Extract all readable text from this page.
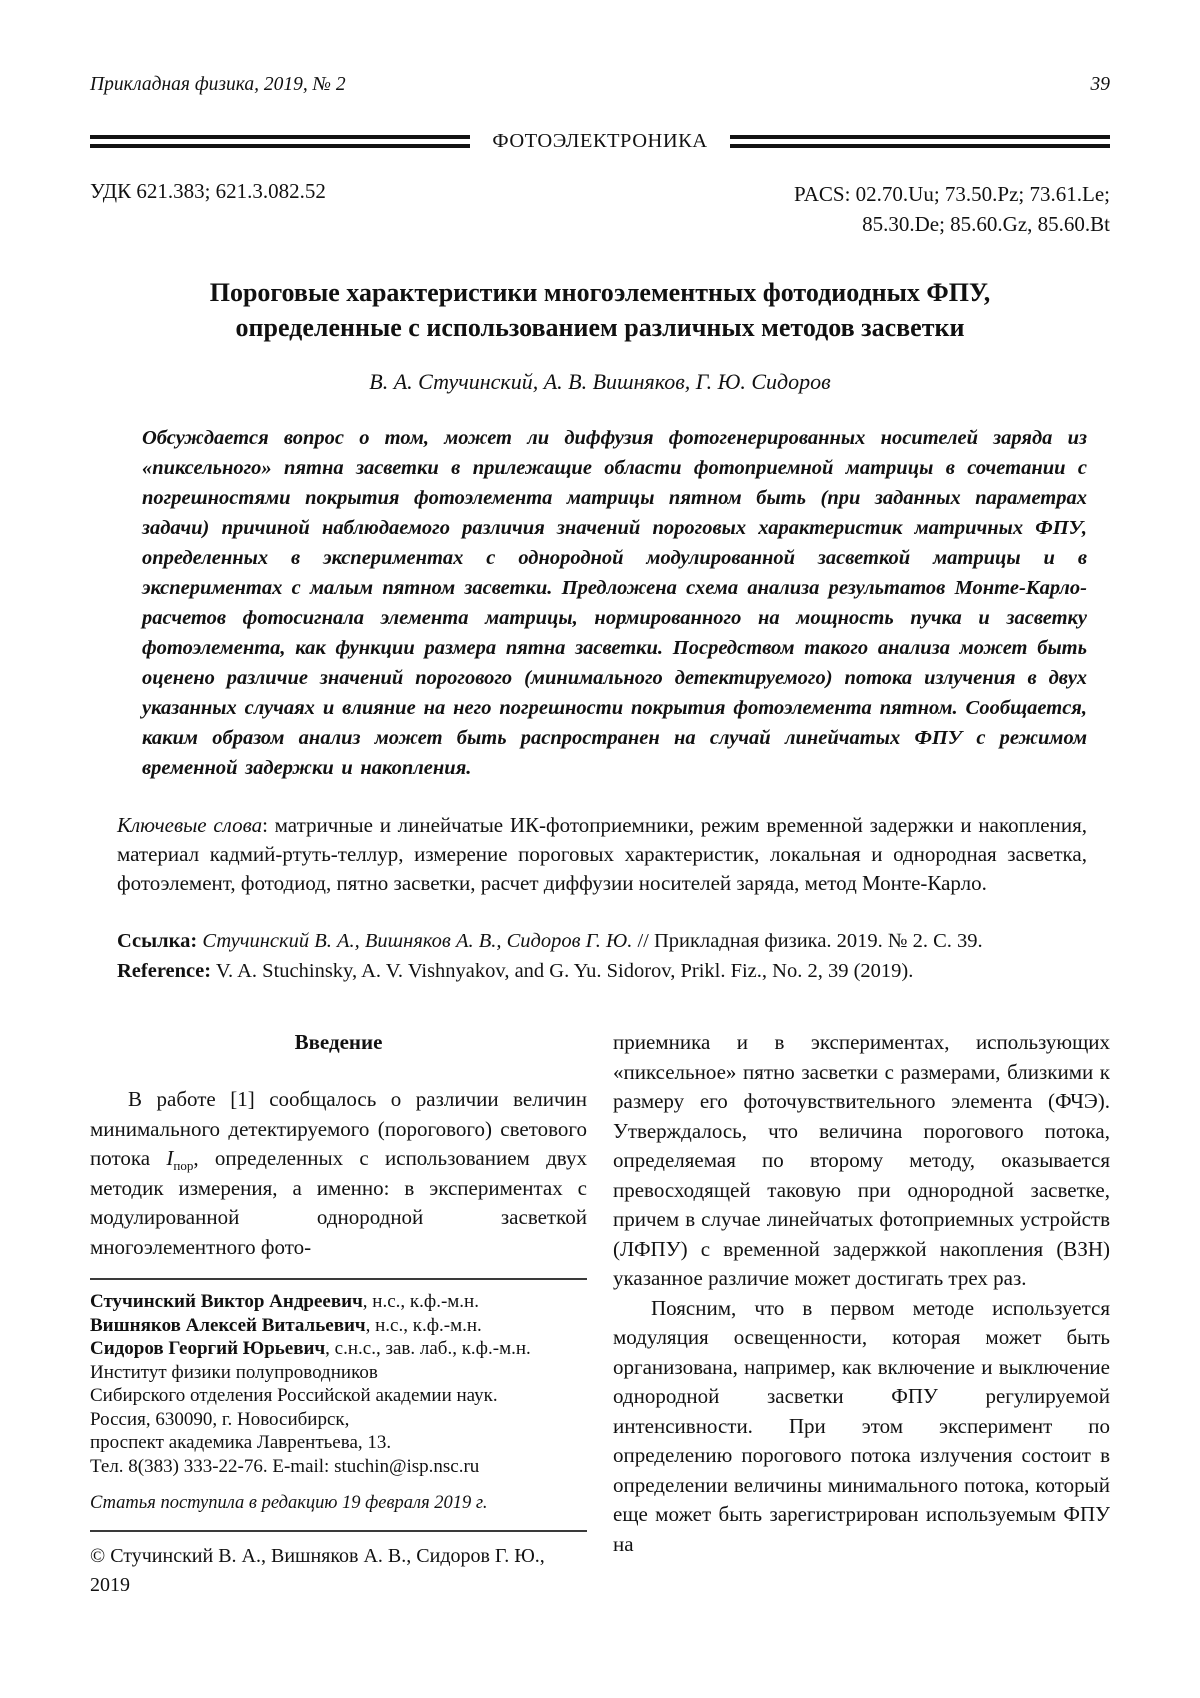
Прикладная физика, 2019, № 2	39
ФОТОЭЛЕКТРОНИКА
УДК 621.383; 621.3.082.52	PACS: 02.70.Uu; 73.50.Pz; 73.61.Le;
85.30.De; 85.60.Gz, 85.60.Bt
Пороговые характеристики многоэлементных фотодиодных ФПУ,
определенные с использованием различных методов засветки
В. А. Стучинский, А. В. Вишняков, Г. Ю. Сидоров
Обсуждается вопрос о том, может ли диффузия фотогенерированных носителей заряда из «пиксельного» пятна засветки в прилежащие области фотоприемной матрицы в сочетании с погрешностями покрытия фотоэлемента матрицы пятном быть (при заданных параметрах задачи) причиной наблюдаемого различия значений пороговых характеристик матричных ФПУ, определенных в экспериментах с однородной модулированной засветкой матрицы и в экспериментах с малым пятном засветки. Предложена схема анализа результатов Монте-Карло-расчетов фотосигнала элемента матрицы, нормированного на мощность пучка и засветку фотоэлемента, как функции размера пятна засветки. Посредством такого анализа может быть оценено различие значений порогового (минимального детектируемого) потока излучения в двух указанных случаях и влияние на него погрешности покрытия фотоэлемента пятном. Сообщается, каким образом анализ может быть распространен на случай линейчатых ФПУ с режимом временной задержки и накопления.
Ключевые слова: матричные и линейчатые ИК-фотоприемники, режим временной задержки и накопления, материал кадмий-ртуть-теллур, измерение пороговых характеристик, локальная и однородная засветка, фотоэлемент, фотодиод, пятно засветки, расчет диффузии носителей заряда, метод Монте-Карло.
Ссылка: Стучинский В. А., Вишняков А. В., Сидоров Г. Ю. // Прикладная физика. 2019. № 2. С. 39.
Reference: V. A. Stuchinsky, A. V. Vishnyakov, and G. Yu. Sidorov, Prikl. Fiz., No. 2, 39 (2019).
Введение

В работе [1] сообщалось о различии величин минимального детектируемого (порогового) светового потока $I_{пор}$, определенных с использованием двух методик измерения, а именно: в экспериментах с модулированной однородной засветкой многоэлементного фото-

Стучинский Виктор Андреевич, н.с., к.ф.-м.н.
Вишняков Алексей Витальевич, н.с., к.ф.-м.н.
Сидоров Георгий Юрьевич, с.н.с., зав. лаб., к.ф.-м.н.
Институт физики полупроводников
Сибирского отделения Российской академии наук.
Россия, 630090, г. Новосибирск,
проспект академика Лаврентьева, 13.
Тел. 8(383) 333-22-76. E-mail: stuchin@isp.nsc.ru
Статья поступила в редакцию 19 февраля 2019 г.
© Стучинский В. А., Вишняков А. В., Сидоров Г. Ю., 2019

приемника и в экспериментах, использующих «пиксельное» пятно засветки с размерами, близкими к размеру его фоточувствительного элемента (ФЧЭ). Утверждалось, что величина порогового потока, определяемая по второму методу, оказывается превосходящей таковую при однородной засветке, причем в случае линейчатых фотоприемных устройств (ЛФПУ) с временной задержкой накопления (ВЗН) указанное различие может достигать трех раз.

Поясним, что в первом методе используется модуляция освещенности, которая может быть организована, например, как включение и выключение однородной засветки ФПУ регулируемой интенсивности. При этом эксперимент по определению порогового потока излучения состоит в определении величины минимального потока, который еще может быть зарегистрирован используемым ФПУ на
